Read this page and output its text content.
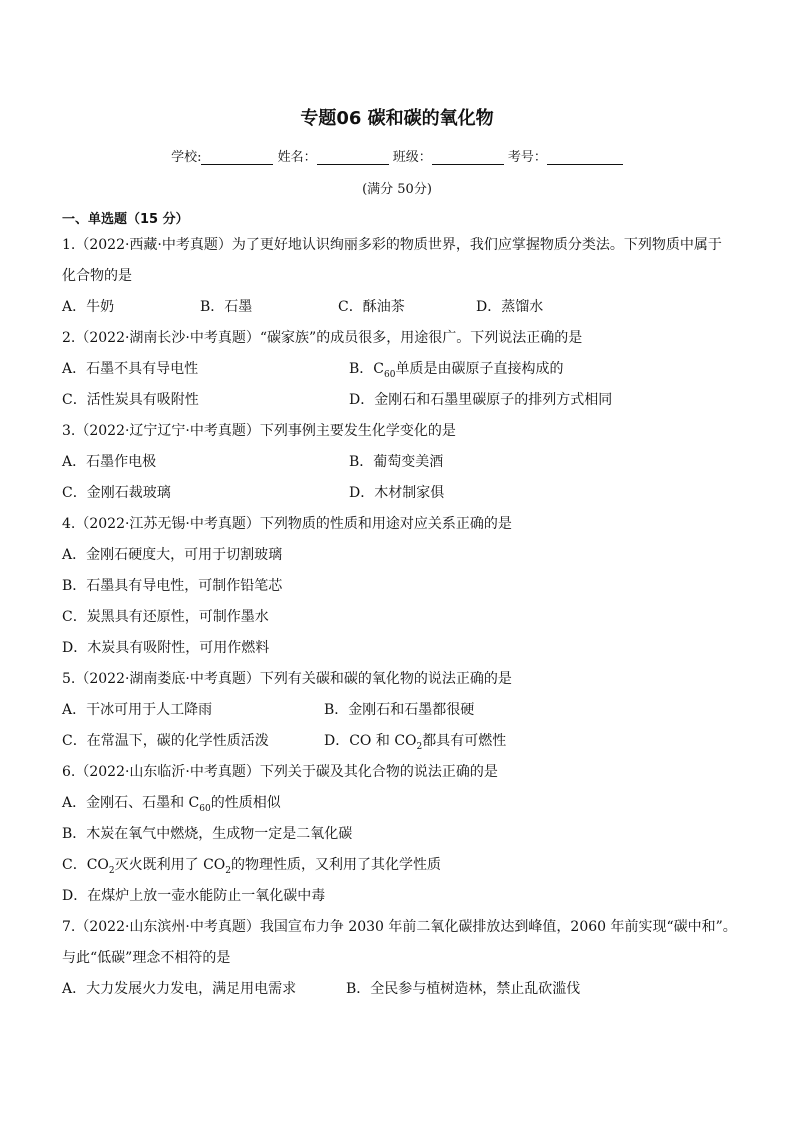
专题06 碳和碳的氧化物
学校:	姓名：	班级：	考号：
(满分 50分)
一、单选题（15 分）
1.（2022·西藏·中考真题）为了更好地认识绚丽多彩的物质世界，我们应掌握物质分类法。下列物质中属于
化合物的是
A．牛奶	B．石墨	C．酥油茶	D．蒸馏水
2.（2022·湖南长沙·中考真题）“碳家族”的成员很多，用途很广。下列说法正确的是
A．石墨不具有导电性	B．$C_{60}$单质是由碳原子直接构成的
C．活性炭具有吸附性	D．金刚石和石墨里碳原子的排列方式相同
3.（2022·辽宁辽宁·中考真题）下列事例主要发生化学变化的是
A．石墨作电极	B．葡萄变美酒
C．金刚石裁玻璃	D．木材制家俱
4.（2022·江苏无锡·中考真题）下列物质的性质和用途对应关系正确的是
A．金刚石硬度大，可用于切割玻璃
B．石墨具有导电性，可制作铅笔芯
C．炭黑具有还原性，可制作墨水
D．木炭具有吸附性，可用作燃料
5.（2022·湖南娄底·中考真题）下列有关碳和碳的氧化物的说法正确的是
A．干冰可用于人工降雨	B．金刚石和石墨都很硬
C．在常温下，碳的化学性质活泼	D．CO 和 $CO_2$都具有可燃性
6.（2022·山东临沂·中考真题）下列关于碳及其化合物的说法正确的是
A．金刚石、石墨和 $C_{60}$的性质相似
B．木炭在氧气中燃烧，生成物一定是二氧化碳
C．$CO_2$灭火既利用了 $CO_2$的物理性质，又利用了其化学性质
D．在煤炉上放一壶水能防止一氧化碳中毒
7.（2022·山东滨州·中考真题）我国宣布力争 2030 年前二氧化碳排放达到峰值，2060 年前实现“碳中和”。
与此“低碳”理念不相符的是
A．大力发展火力发电，满足用电需求	B．全民参与植树造林，禁止乱砍滥伐
